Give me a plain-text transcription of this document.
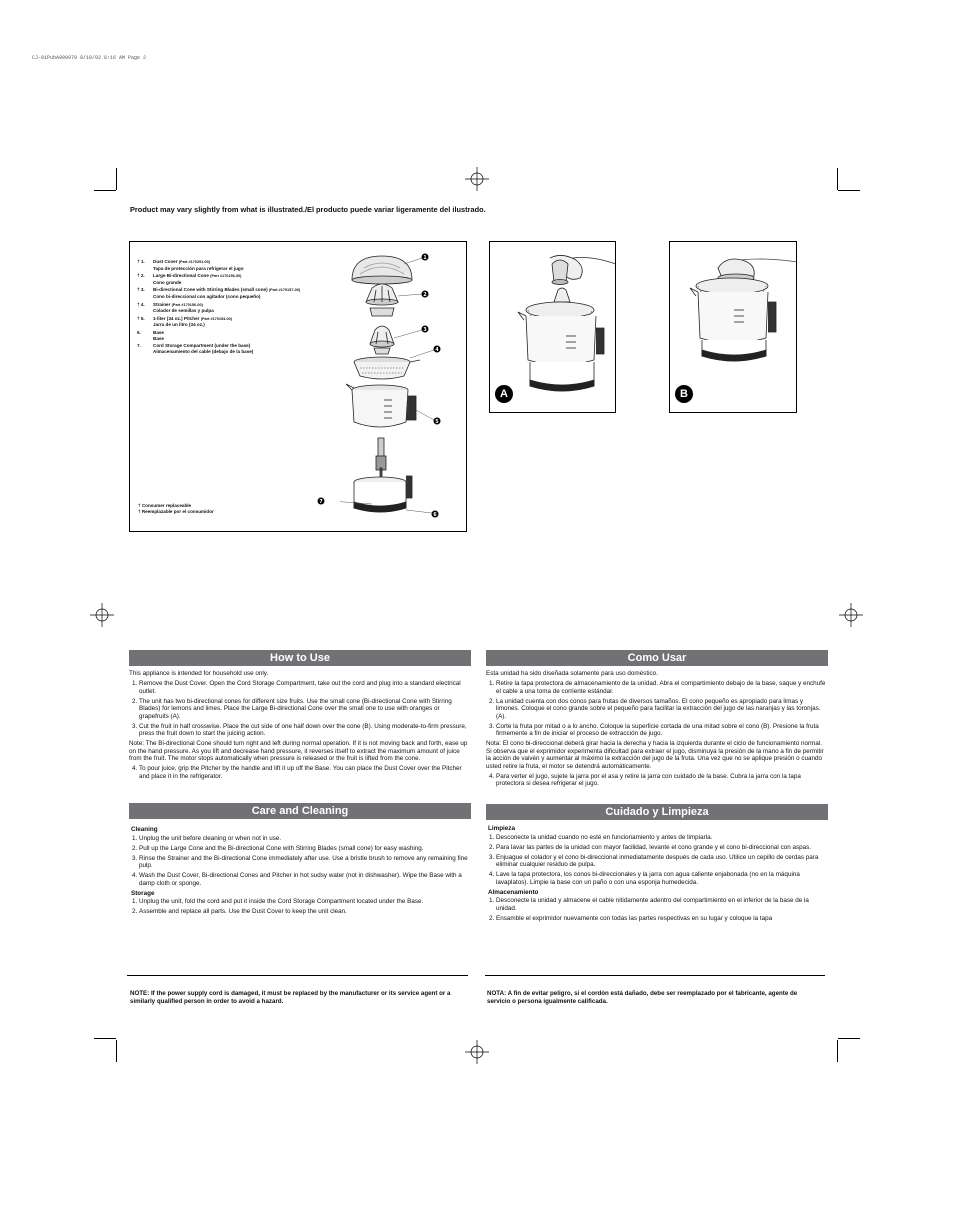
CJ-01PubA999979 9/10/02 8:16 AM Page 2
Product may vary slightly from what is illustrated./El producto puede variar ligeramente del ilustrado.
† 1.	Dust Cover (Part #170291-00)
Tapa de protección para refrigerar el jugo
† 2.	Large Bi-directional Cone (Part #170156-00)
Cono grande
† 3.	Bi-directional Cone with Stirring Blades (small cone) (Part #170157-00)
Cono bi-direccional con agitador (cono pequeño)
† 4.	Strainer (Part #170156-00)
Colador de semillas y pulpa
† 5.	1-liter (34 oz.) Pitcher (Part #170154-00)
Jarra de un litro (34 oz.)
6.	Base
Base
7.	Cord Storage Compartment (under the base)
Almacenamiento del cable (debajo de la base)
† Consumer replaceable
† Reemplazable por el consumidor
1
2
3
4
5
6
7
A	B
How to Use

This appliance is intended for household use only.

1. Remove the Dust Cover. Open the Cord Storage Compartment, take out the cord and plug into a standard electrical outlet.
2. The unit has two bi-directional cones for different size fruits. Use the small cone (Bi-directional Cone with Stirring Blades) for lemons and limes. Place the Large Bi-directional Cone over the small one to use with oranges or grapefruits (A).
3. Cut the fruit in half crosswise. Place the cut side of one half down over the cone (B). Using moderate-to-firm pressure, press the fruit down to start the juicing action.

Note: The Bi-directional Cone should turn right and left during normal operation. If it is not moving back and forth, ease up on the hand pressure. As you lift and decrease hand pressure, it reverses itself to extract the maximum amount of juice from the fruit. The motor stops automatically when pressure is released or the fruit is lifted from the cone.

4. To pour juice, grip the Pitcher by the handle and lift it up off the Base. You can place the Dust Cover over the Pitcher and place it in the refrigerator.
Care and Cleaning
Cleaning
1. Unplug the unit before cleaning or when not in use.
2. Pull up the Large Cone and the Bi-directional Cone with Stirring Blades (small cone) for easy washing.
3. Rinse the Strainer and the Bi-directional Cone immediately after use. Use a bristle brush to remove any remaining fine pulp.
4. Wash the Dust Cover, Bi-directional Cones and Pitcher in hot sudsy water (not in dishwasher). Wipe the Base with a damp cloth or sponge.
Storage
1. Unplug the unit, fold the cord and put it inside the Cord Storage Compartment located under the Base.
2. Assemble and replace all parts. Use the Dust Cover to keep the unit clean.
Como Usar

Esta unidad ha sido diseñada solamente para uso doméstico.

1. Retire la tapa protectora de almacenamiento de la unidad. Abra el compartimiento debajo de la base, saque y enchufe el cable a una toma de corriente estándar.
2. La unidad cuenta con dos conos para frutas de diversos tamaños. El cono pequeño es apropiado para limas y limones. Coloque el cono grande sobre el pequeño para facilitar la extracción del jugo de las naranjas y las toronjas. (A).
3. Corte la fruta por mitad o a lo ancho. Coloque la superficie cortada de una mitad sobre el cono (B). Presione la fruta firmemente a fin de iniciar el proceso de extracción de jugo.

Nota: El cono bi-direccional deberá girar hacia la derecha y hacia la izquierda durante el ciclo de funcionamiento normal. Si observa que el exprimidor experimenta dificultad para extraer el jugo, disminuya la presión de la mano a fin de permitir la acción de vaivén y aumentar al máximo la extracción del jugo de la fruta. Una vez que no se aplique presión o cuando usted retire la fruta, el motor se detendrá automáticamente.

4. Para verter el jugo, sujete la jarra por el asa y retire la jarra con cuidado de la base. Cubra la jarra con la tapa protectora si desea refrigerar el jugo.
Cuidado y Limpieza
Limpieza
1. Desconecte la unidad cuando no esté en funcionamiento y antes de limpiarla.
2. Para lavar las partes de la unidad con mayor facilidad, levante el cono grande y el cono bi-direccional con aspas.
3. Enjuague el colador y el cono bi-direccional inmediatamente después de cada uso. Utilice un cepillo de cerdas para eliminar cualquier residuo de pulpa.
4. Lave la tapa protectora, los conos bi-direccionales y la jarra con agua caliente enjabonada (no en la máquina lavaplatos). Limpie la base con un paño o con una esponja humedecida.
Almacenamiento
1. Desconecte la unidad y almacene el cable nitidamente adentro del compartimiento en el inferior de la base de la unidad.
2. Ensamble el exprimidor nuevamente con todas las partes respectivas en su lugar y coloque la tapa
NOTE: If the power supply cord is damaged, it must be replaced by the manufacturer or its service agent or a similarly qualified person in order to avoid a hazard.
NOTA: A fin de evitar peligro, si el cordón está dañado, debe ser reemplazado por el fabricante, agente de servicio o persona igualmente calificada.
